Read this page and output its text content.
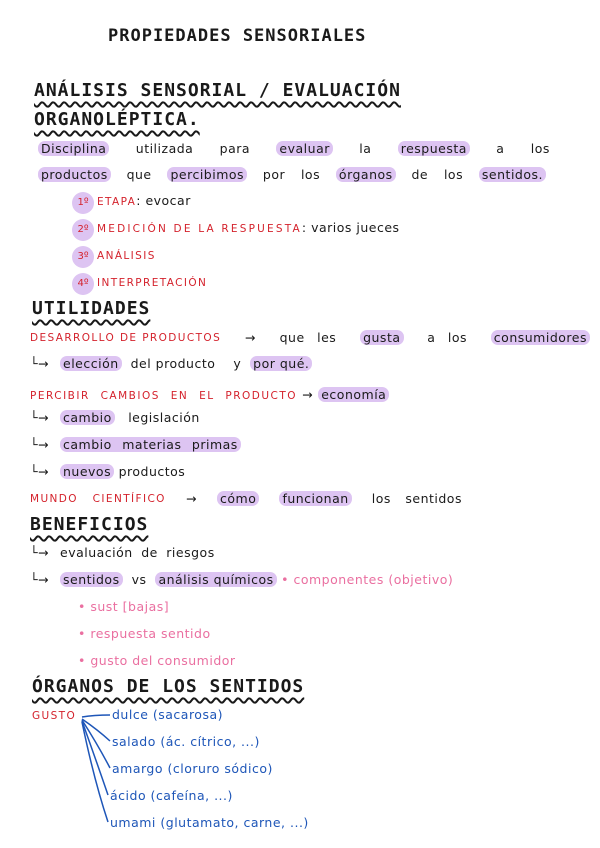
PROPIEDADES SENSORIALES
ANÁLISIS SENSORIAL / EVALUACIÓN
ORGANOLÉPTICA.
Disciplina utilizada para evaluar la respuesta a los
productos que percibimos por los órganos de los sentidos.
1º ETAPA: evocar
2º MEDICIÓN DE LA RESPUESTA: varios jueces
3º ANÁLISIS
4º INTERPRETACIÓN
UTILIDADES
DESARROLLO DE PRODUCTOS → que les gusta a los consumidores
└→ elección del producto y por qué.
PERCIBIR CAMBIOS EN EL PRODUCTO → economía
└→ cambio legislación
└→ cambio materias primas
└→ nuevos productos
MUNDO CIENTÍFICO → cómo funcionan los sentidos
BENEFICIOS
└→ evaluación de riesgos
└→ sentidos vs análisis químicos • componentes (objetivo)
• sust [bajas]
• respuesta sentido
• gusto del consumidor
ÓRGANOS DE LOS SENTIDOS
GUSTO	dulce (sacarosa)
salado (ác. cítrico, ...)
amargo (cloruro sódico)
ácido (cafeína, ...)
umami (glutamato, carne, ...)
